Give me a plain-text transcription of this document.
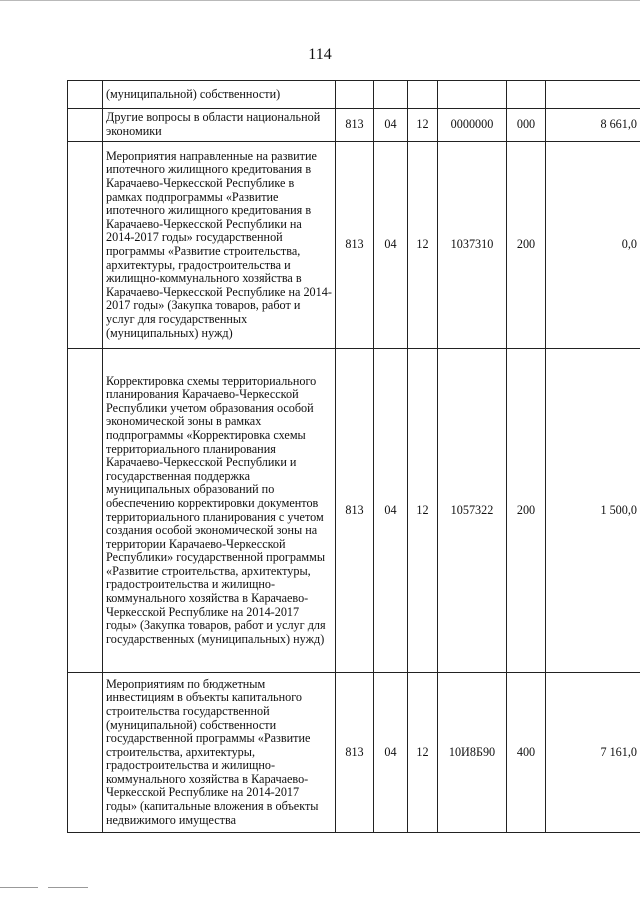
114
	(муниципальной) собственности)						
	Другие вопросы в области национальной экономики	813	04	12	0000000	000	8 661,0
	Мероприятия направленные на развитие ипотечного жилищного кредитования в Карачаево-Черкесской Республике в рамках подпрограммы «Развитие ипотечного жилищного кредитования в Карачаево-Черкесской Республики на 2014-2017 годы» государственной программы «Развитие строительства, архитектуры, градостроительства и жилищно-коммунального хозяйства в Карачаево-Черкесской Республике на 2014-2017 годы» (Закупка товаров, работ и услуг для государственных (муниципальных) нужд)	813	04	12	1037310	200	0,0
	Корректировка схемы территориального планирования Карачаево-Черкесской Республики учетом образования особой экономической зоны в рамках подпрограммы «Корректировка схемы территориального планирования Карачаево-Черкесской Республики и государственная поддержка муниципальных образований по обеспечению корректировки документов территориального планирования с учетом создания особой экономической зоны на территории Карачаево-Черкесской Республики» государственной программы «Развитие строительства, архитектуры, градостроительства и жилищно-коммунального хозяйства в Карачаево-Черкесской Республике на 2014-2017 годы» (Закупка товаров, работ и услуг для государственных (муниципальных) нужд)	813	04	12	1057322	200	1 500,0
	Мероприятиям по бюджетным инвестициям в объекты капитального строительства государственной (муниципальной) собственности государственной программы «Развитие строительства, архитектуры, градостроительства и жилищно-коммунального хозяйства в Карачаево-Черкесской Республике на 2014-2017 годы» (капитальные вложения в объекты недвижимого имущества	813	04	12	10И8Б90	400	7 161,0
